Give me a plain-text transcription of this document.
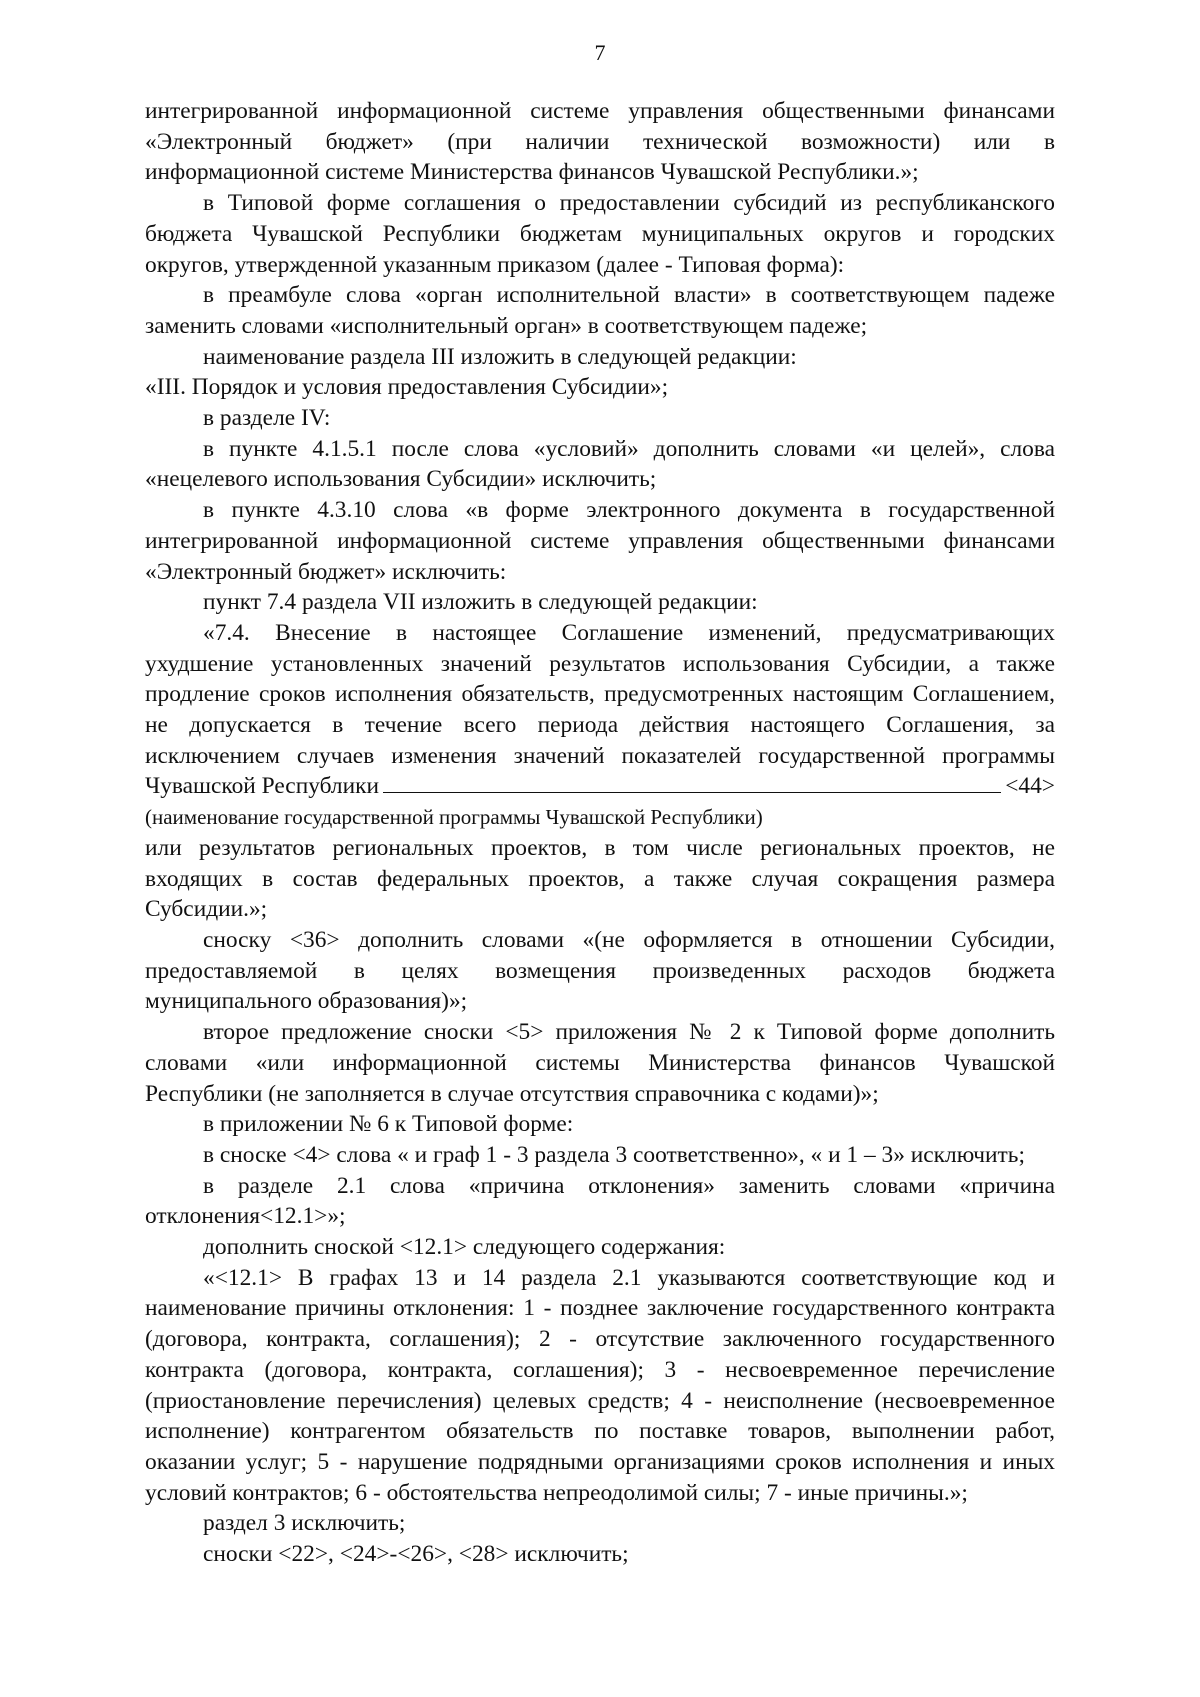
7

интегрированной информационной системе управления общественными финансами

«Электронный бюджет» (при наличии технической возможности) или в

информационной системе Министерства финансов Чувашской Республики.»;

в Типовой форме соглашения о предоставлении субсидий из республиканского

бюджета Чувашской Республики бюджетам муниципальных округов и городских

округов, утвержденной указанным приказом (далее - Типовая форма):

в преамбуле слова «орган исполнительной власти» в соответствующем падеже

заменить словами «исполнительный орган» в соответствующем падеже;

наименование раздела III изложить в следующей редакции:

«III. Порядок и условия предоставления Субсидии»;

в разделе IV:

в пункте 4.1.5.1 после слова «условий» дополнить словами «и целей», слова

«нецелевого использования Субсидии» исключить;

в пункте 4.3.10 слова «в форме электронного документа в государственной

интегрированной информационной системе управления общественными финансами

«Электронный бюджет» исключить:

пункт 7.4 раздела VII изложить в следующей редакции:

«7.4. Внесение в настоящее Соглашение изменений, предусматривающих

ухудшение установленных значений результатов использования Субсидии, а также

продление сроков исполнения обязательств, предусмотренных настоящим Соглашением,

не допускается в течение всего периода действия настоящего Соглашения, за

исключением случаев изменения значений показателей государственной программы

Чувашской Республики	<44>

(наименование государственной программы Чувашской Республики)

или результатов региональных проектов, в том числе региональных проектов, не

входящих в состав федеральных проектов, а также случая сокращения размера

Субсидии.»;

сноску <36> дополнить словами «(не оформляется в отношении Субсидии,

предоставляемой в целях возмещения произведенных расходов бюджета

муниципального образования)»;

второе предложение сноски <5> приложения № 2 к Типовой форме дополнить

словами «или информационной системы Министерства финансов Чувашской

Республики (не заполняется в случае отсутствия справочника с кодами)»;

в приложении № 6 к Типовой форме:

в сноске <4> слова « и граф 1 - 3 раздела 3 соответственно», « и 1 – 3» исключить;

в разделе 2.1 слова «причина отклонения» заменить словами «причина

отклонения<12.1>»;

дополнить сноской <12.1> следующего содержания:

«<12.1> В графах 13 и 14 раздела 2.1 указываются соответствующие код и

наименование причины отклонения: 1 - позднее заключение государственного контракта

(договора, контракта, соглашения); 2 - отсутствие заключенного государственного

контракта (договора, контракта, соглашения); 3 - несвоевременное перечисление

(приостановление перечисления) целевых средств; 4 - неисполнение (несвоевременное

исполнение) контрагентом обязательств по поставке товаров, выполнении работ,

оказании услуг; 5 - нарушение подрядными организациями сроков исполнения и иных

условий контрактов; 6 - обстоятельства непреодолимой силы; 7 - иные причины.»;

раздел 3 исключить;

сноски <22>, <24>-<26>, <28> исключить;
